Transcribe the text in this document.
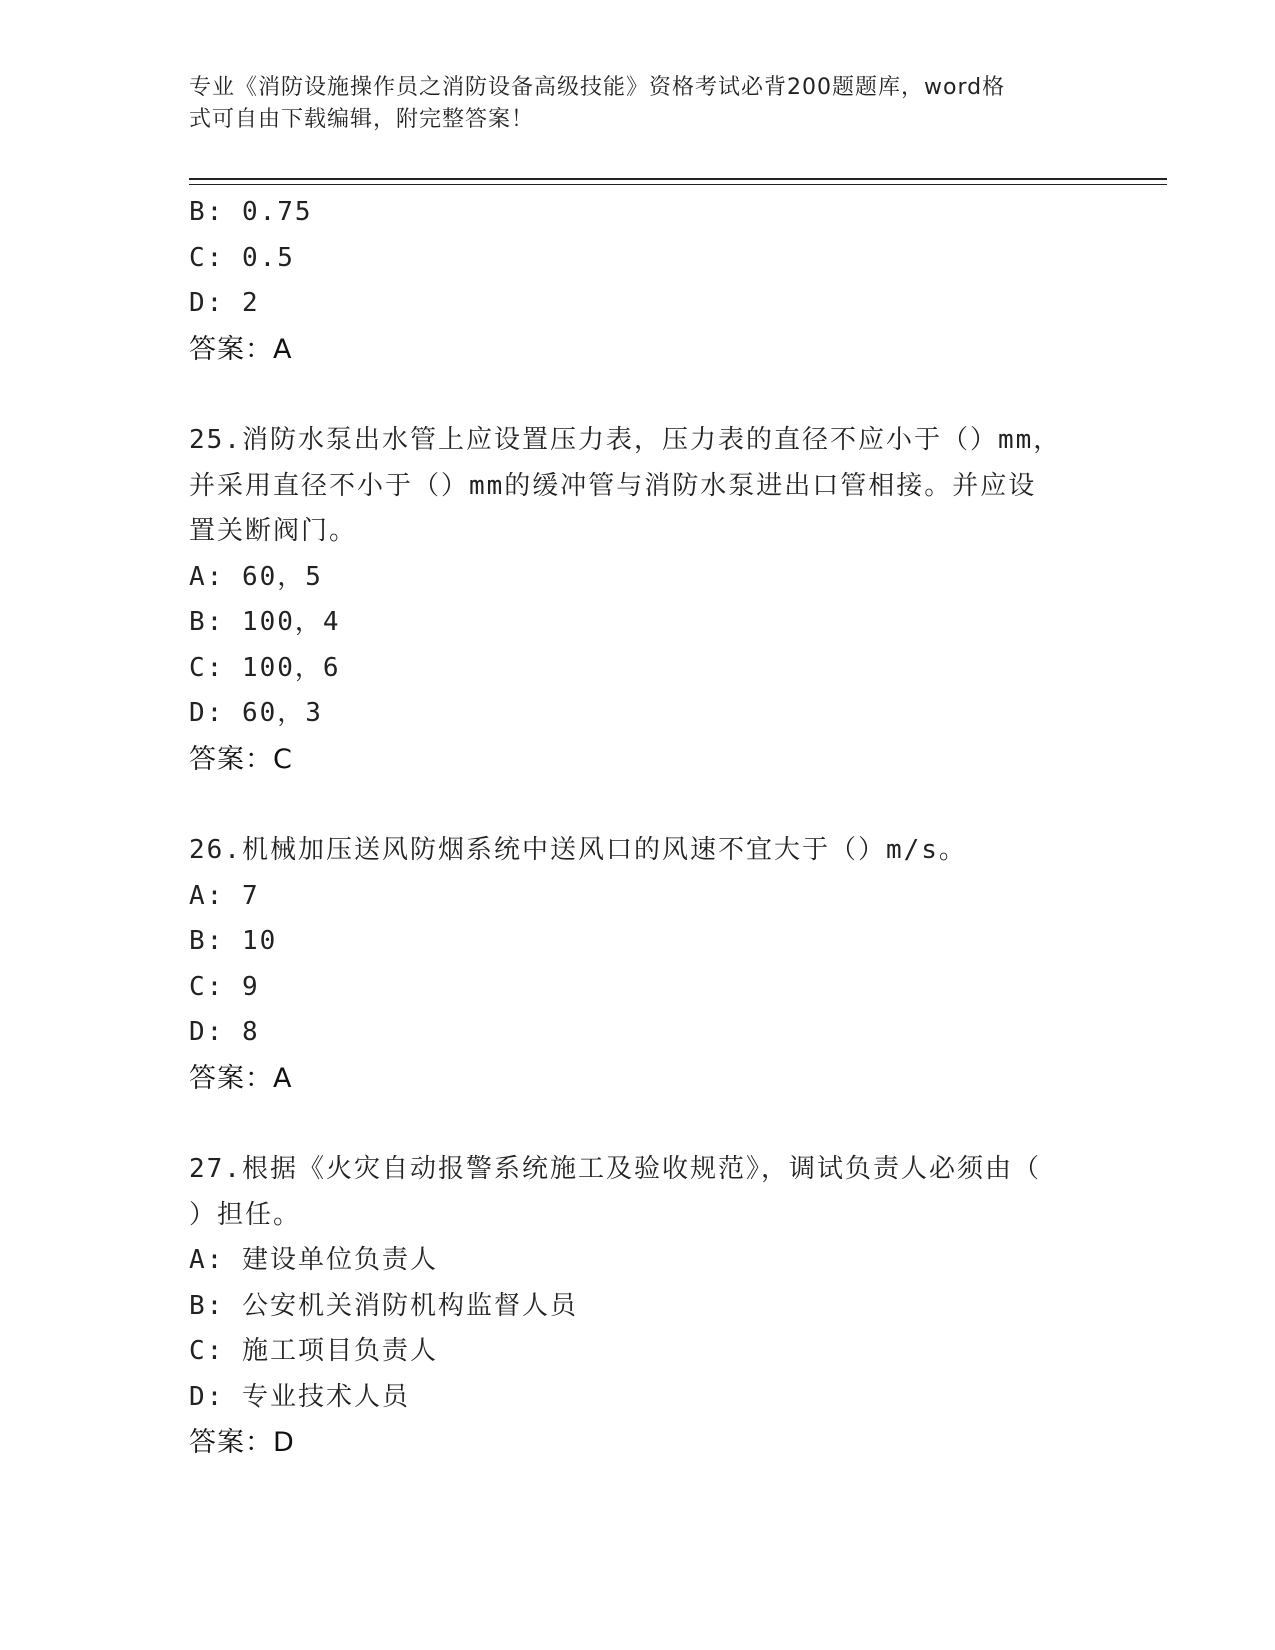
专业《消防设施操作员之消防设备高级技能》资格考试必背200题题库，word格
式可自由下载编辑，附完整答案！
B: 0.75
C: 0.5
D: 2
答案：A
25.消防水泵出水管上应设置压力表，压力表的直径不应小于（）mm，
并采用直径不小于（）mm的缓冲管与消防水泵进出口管相接。并应设
置关断阀门。
A: 60，5
B: 100，4
C: 100，6
D: 60，3
答案：C
26.机械加压送风防烟系统中送风口的风速不宜大于（）m/s。
A: 7
B: 10
C: 9
D: 8
答案：A
27.根据《火灾自动报警系统施工及验收规范》，调试负责人必须由（
）担任。
A: 建设单位负责人
B: 公安机关消防机构监督人员
C: 施工项目负责人
D: 专业技术人员
答案：D
